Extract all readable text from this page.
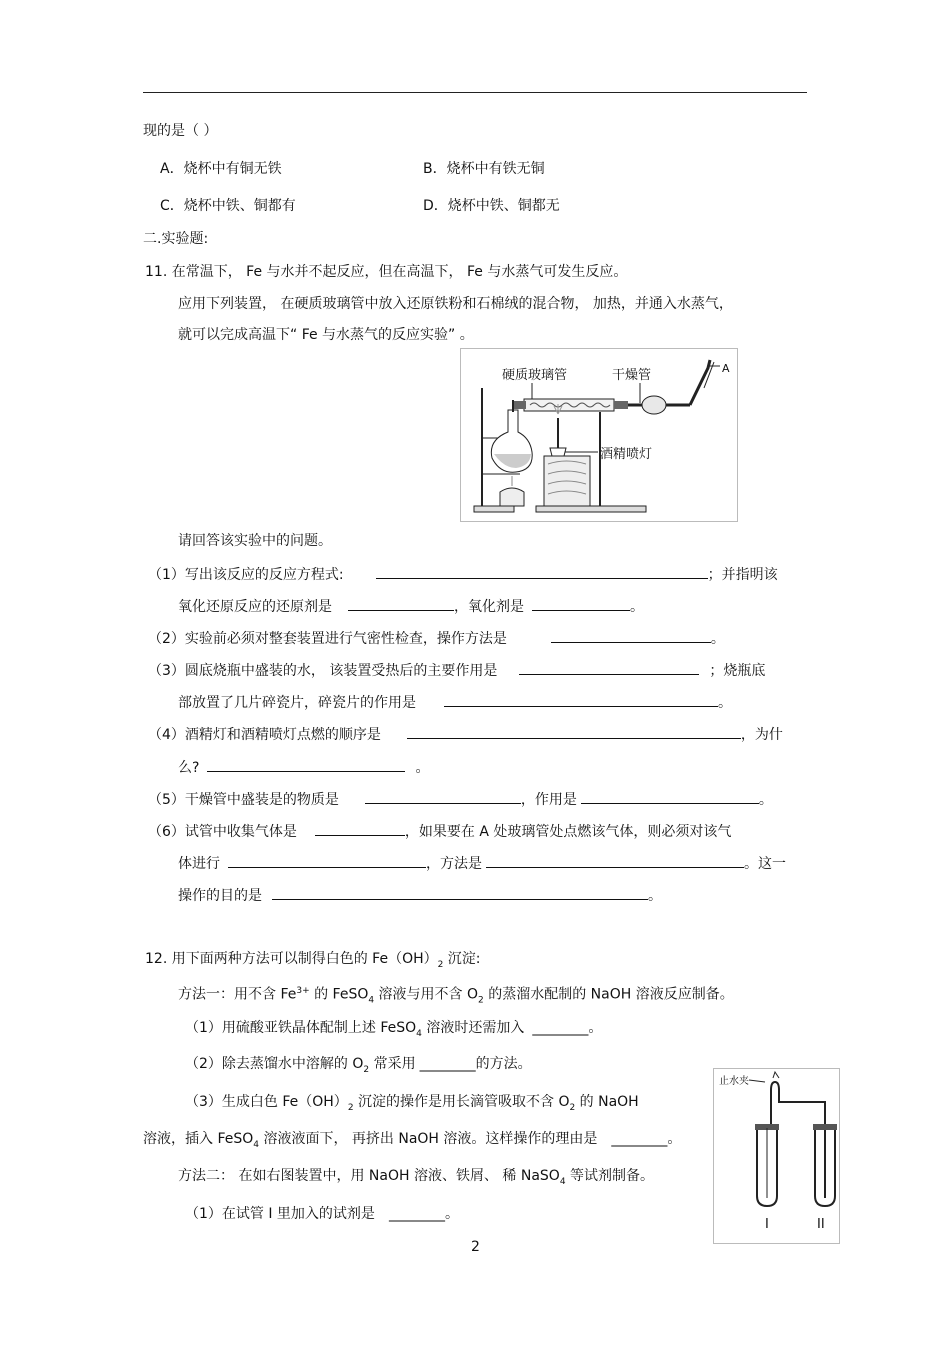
现的是（ ）
A．烧杯中有铜无铁	B．烧杯中有铁无铜
C．烧杯中铁、铜都有	D．烧杯中铁、铜都无
二.实验题:
11. 在常温下， Fe 与水并不起反应，但在高温下， Fe 与水蒸气可发生反应。
应用下列装置， 在硬质玻璃管中放入还原铁粉和石棉绒的混合物， 加热，并通入水蒸气，
就可以完成高温下“ Fe 与水蒸气的反应实验” 。
硬质玻璃管	干燥管	A
酒精喷灯
请回答该实验中的问题。
（1）写出该反应的反应方程式:	；并指明该
氧化还原反应的还原剂是	，氧化剂是	。
（2）实验前必须对整套装置进行气密性检查，操作方法是	。
（3）圆底烧瓶中盛装的水， 该装置受热后的主要作用是	；烧瓶底
部放置了几片碎瓷片，碎瓷片的作用是	。
（4）酒精灯和酒精喷灯点燃的顺序是	，为什
么?	。
（5）干燥管中盛装是的物质是	，作用是	。
（6）试管中收集气体是	，如果要在 A 处玻璃管处点燃该气体，则必须对该气
体进行	，方法是	。这一
操作的目的是	。
12. 用下面两种方法可以制得白色的 $Fe(OH)_2$ 沉淀:
方法一：用不含 $Fe^{3+}$ 的 FeSO$_4$ 溶液与用不含 $O_2$ 的蒸溜水配制的 NaOH 溶液反应制备。
（1）用硫酸亚铁晶体配制上述 FeSO$_4$ 溶液时还需加入 ________。
（2）除去蒸馏水中溶解的 $O_2$ 常采用 ________的方法。
（3）生成白色 $Fe(OH)_2$ 沉淀的操作是用长滴管吸取不含 $O_2$ 的 NaOH
溶液，插入 FeSO$_4$ 溶液液面下， 再挤出 NaOH 溶液。这样操作的理由是 ________。
方法二： 在如右图装置中，用 NaOH 溶液、铁屑、 稀 NaSO$_4$ 等试剂制备。
（1）在试管 I 里加入的试剂是 ________。
止水夹
I	II
2
